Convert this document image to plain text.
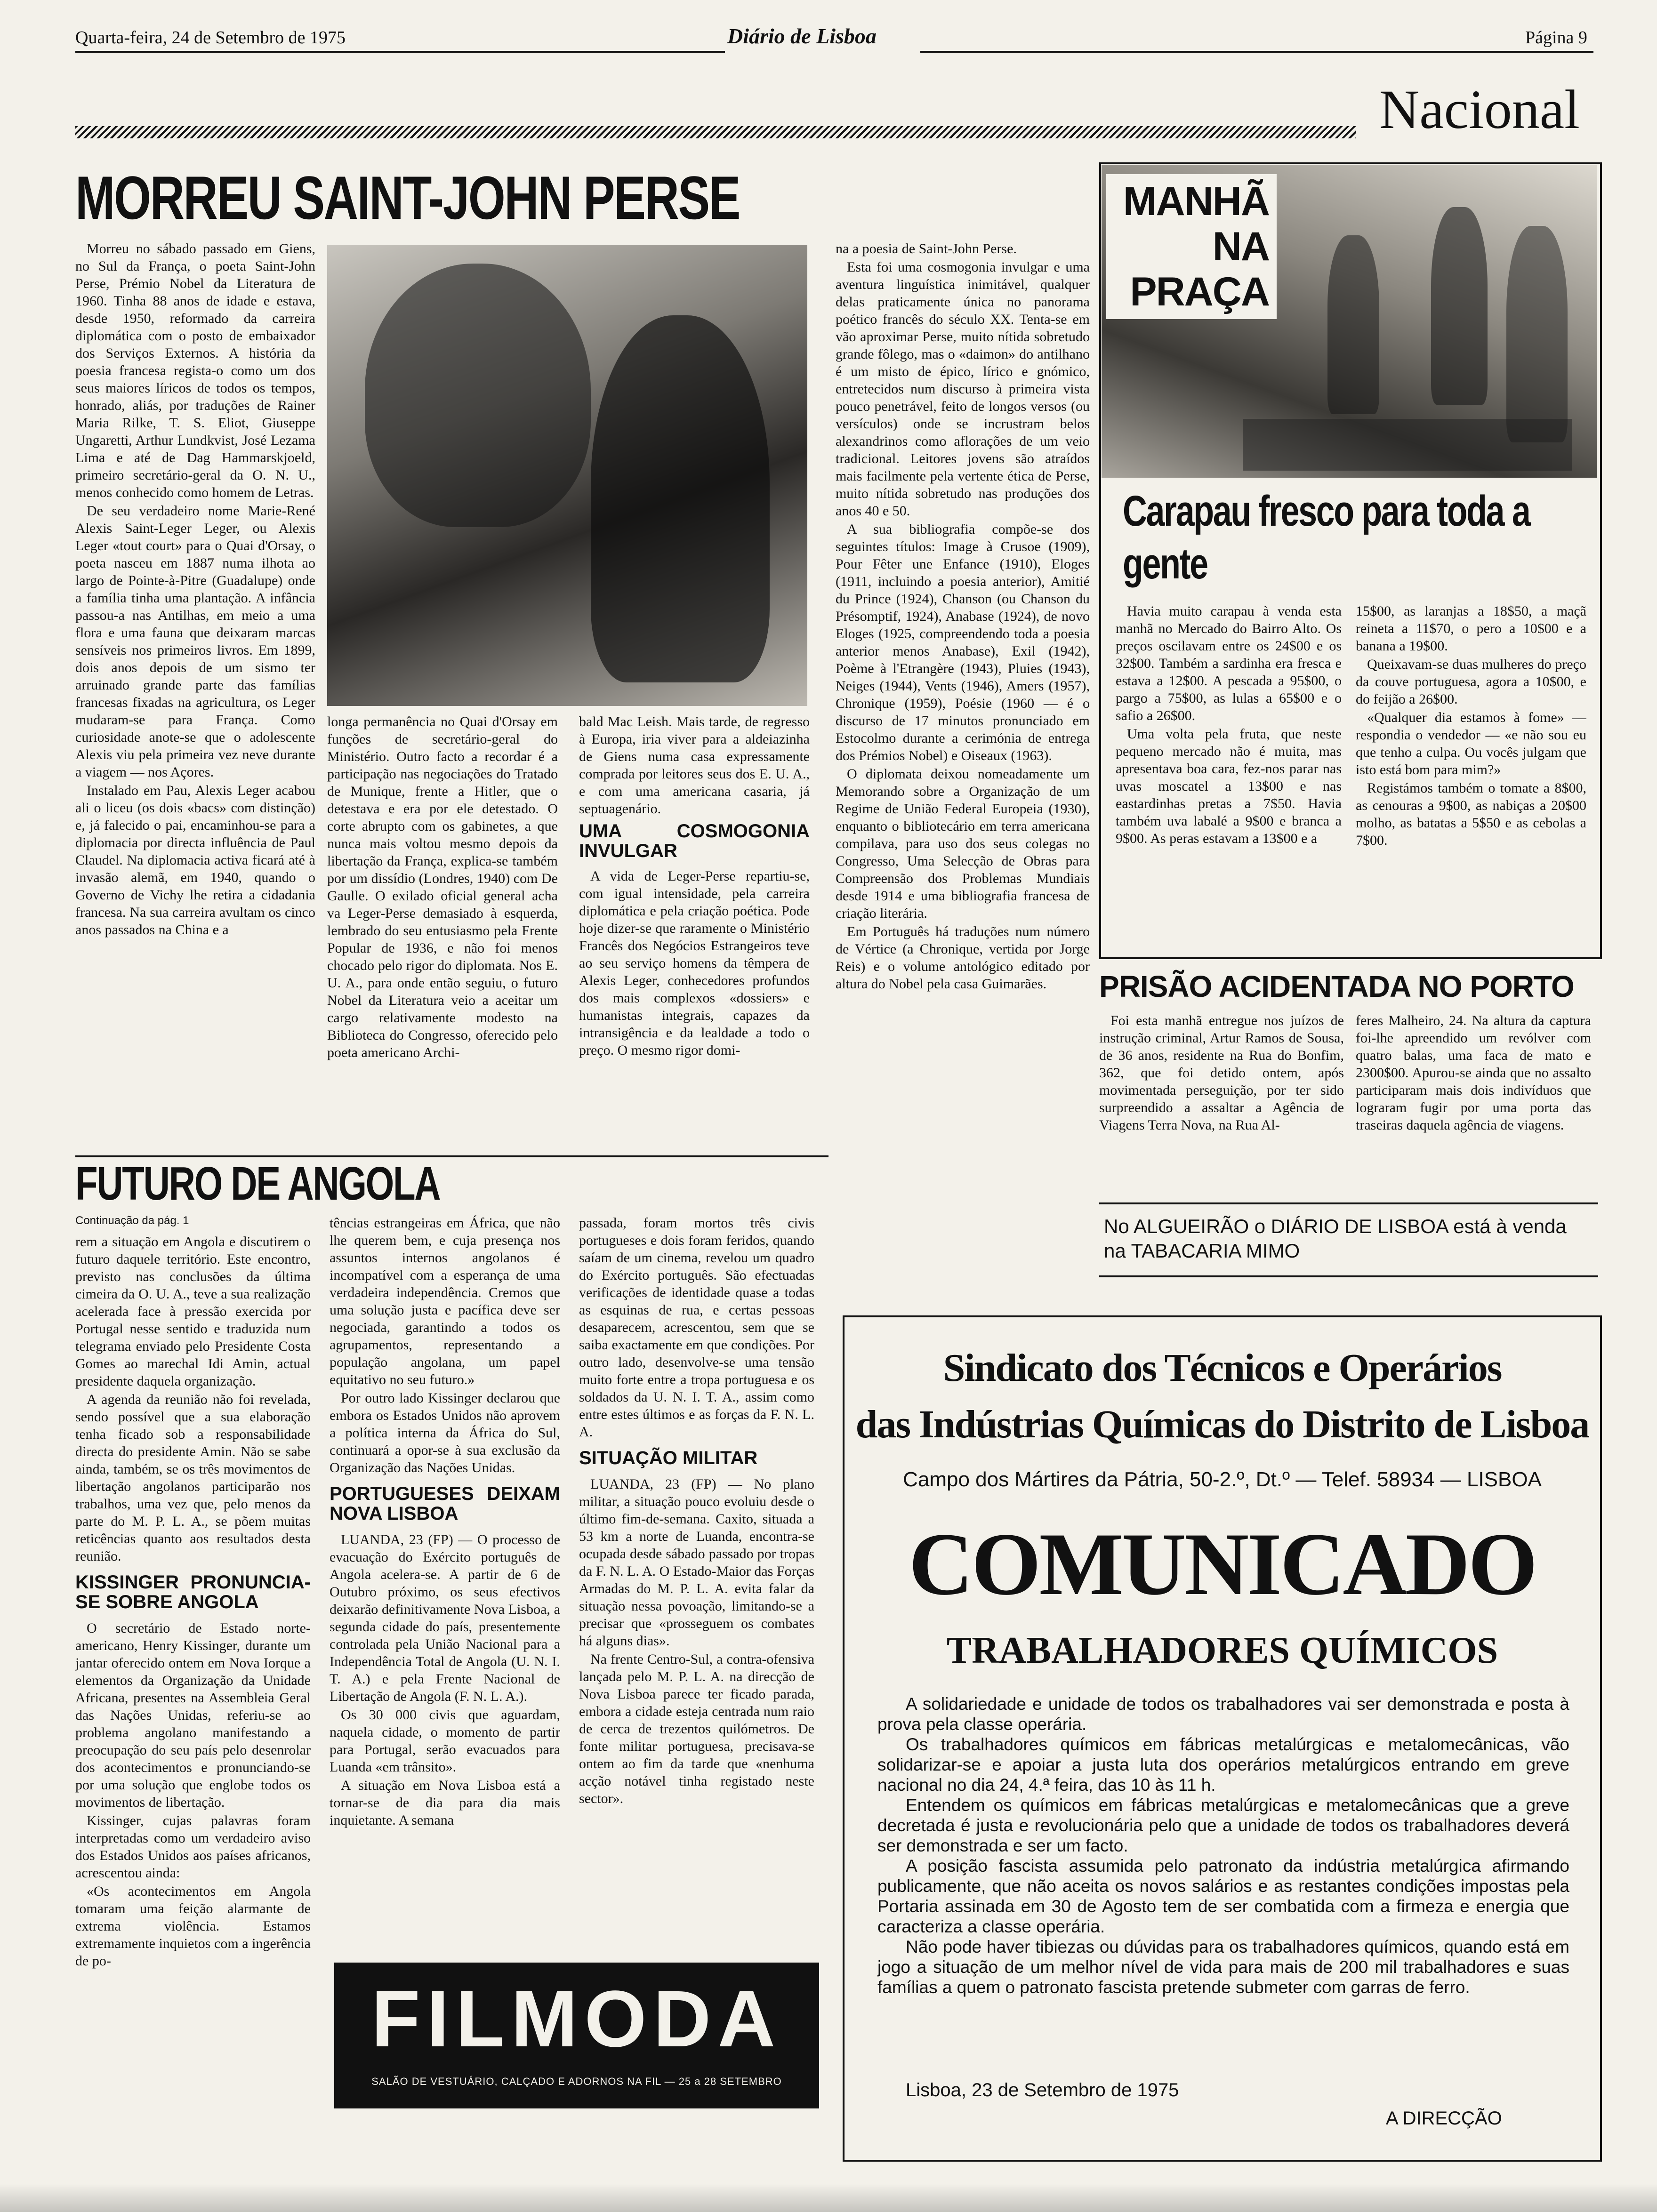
Quarta-feira, 24 de Setembro de 1975	Diário de Lisboa	Página 9
Nacional
MORREU SAINT-JOHN PERSE

Morreu no sábado passado em Giens, no Sul da França, o poeta Saint-John Perse, Prémio Nobel da Literatura de 1960. Tinha 88 anos de idade e estava, desde 1950, reformado da carreira diplomática com o posto de embaixador dos Serviços Externos. A história da poesia francesa regista-o como um dos seus maiores líricos de todos os tempos, honrado, aliás, por traduções de Rainer Maria Rilke, T. S. Eliot, Giuseppe Ungaretti, Arthur Lundkvist, José Lezama Lima e até de Dag Hammarskjoeld, primeiro secretário-geral da O. N. U., menos conhecido como homem de Letras.

De seu verdadeiro nome Marie-René Alexis Saint-Leger Leger, ou Alexis Leger «tout court» para o Quai d'Orsay, o poeta nasceu em 1887 numa ilhota ao largo de Pointe-à-Pitre (Guadalupe) onde a família tinha uma plantação. A infância passou-a nas Antilhas, em meio a uma flora e uma fauna que deixaram marcas sensíveis nos primeiros livros. Em 1899, dois anos depois de um sismo ter arruinado grande parte das famílias francesas fixadas na agricultura, os Leger mudaram-se para França. Como curiosidade anote-se que o adolescente Alexis viu pela primeira vez neve durante a viagem — nos Açores.

Instalado em Pau, Alexis Leger acabou ali o liceu (os dois «bacs» com distinção) e, já falecido o pai, encaminhou-se para a diplomacia por directa influência de Paul Claudel. Na diplomacia activa ficará até à invasão alemã, em 1940, quando o Governo de Vichy lhe retira a cidadania francesa. Na sua carreira avultam os cinco anos passados na China e a

longa permanência no Quai d'Orsay em funções de secretário-geral do Ministério. Outro facto a recordar é a participação nas negociações do Tratado de Munique, frente a Hitler, que o detestava e era por ele detestado. O corte abrupto com os gabinetes, a que nunca mais voltou mesmo depois da libertação da França, explica-se também por um dissídio (Londres, 1940) com De Gaulle. O exilado oficial general acha va Leger-Perse demasiado à esquerda, lembrado do seu entusiasmo pela Frente Popular de 1936, e não foi menos chocado pelo rigor do diplomata. Nos E. U. A., para onde então seguiu, o futuro Nobel da Literatura veio a aceitar um cargo relativamente modesto na Biblioteca do Congresso, oferecido pelo poeta americano Archi-

bald Mac Leish. Mais tarde, de regresso à Europa, iria viver para a aldeiazinha de Giens numa casa expressamente comprada por leitores seus dos E. U. A., e com uma americana casaria, já septuagenário.

UMA COSMOGONIA INVULGAR

A vida de Leger-Perse repartiu-se, com igual intensidade, pela carreira diplomática e pela criação poética. Pode hoje dizer-se que raramente o Ministério Francês dos Negócios Estrangeiros teve ao seu serviço homens da têmpera de Alexis Leger, conhecedores profundos dos mais complexos «dossiers» e humanistas integrais, capazes da intransigência e da lealdade a todo o preço. O mesmo rigor domi-

na a poesia de Saint-John Perse.

Esta foi uma cosmogonia invulgar e uma aventura linguística inimitável, qualquer delas praticamente única no panorama poético francês do século XX. Tenta-se em vão aproximar Perse, muito nítida sobretudo grande fôlego, mas o «daimon» do antilhano é um misto de épico, lírico e gnómico, entretecidos num discurso à primeira vista pouco penetrável, feito de longos versos (ou versículos) onde se incrustram belos alexandrinos como aflorações de um veio tradicional. Leitores jovens são atraídos mais facilmente pela vertente ética de Perse, muito nítida sobretudo nas produções dos anos 40 e 50.

A sua bibliografia compõe-se dos seguintes títulos: Image à Crusoe (1909), Pour Fêter une Enfance (1910), Eloges (1911, incluindo a poesia anterior), Amitié du Prince (1924), Chanson (ou Chanson du Présomptif, 1924), Anabase (1924), de novo Eloges (1925, compreendendo toda a poesia anterior menos Anabase), Exil (1942), Poème à l'Etrangère (1943), Pluies (1943), Neiges (1944), Vents (1946), Amers (1957), Chronique (1959), Poésie (1960 — é o discurso de 17 minutos pronunciado em Estocolmo durante a cerimónia de entrega dos Prémios Nobel) e Oiseaux (1963).

O diplomata deixou nomeadamente um Memorando sobre a Organização de um Regime de União Federal Europeia (1930), enquanto o bibliotecário em terra americana compilava, para uso dos seus colegas no Congresso, Uma Selecção de Obras para Compreensão dos Problemas Mundiais desde 1914 e uma bibliografia francesa de criação literária.

Em Português há traduções num número de Vértice (a Chronique, vertida por Jorge Reis) e o volume antológico editado por altura do Nobel pela casa Guimarães.

MANHÃ NA PRAÇA
Carapau fresco para toda a gente

Havia muito carapau à venda esta manhã no Mercado do Bairro Alto. Os preços oscilavam entre os 24$00 e os 32$00. Também a sardinha era fresca e estava a 12$00. A pescada a 95$00, o pargo a 75$00, as lulas a 65$00 e o safio a 26$00.

Uma volta pela fruta, que neste pequeno mercado não é muita, mas apresentava boa cara, fez-nos parar nas uvas moscatel a 13$00 e nas eastardinhas pretas a 7$50. Havia também uva labalé a 9$00 e branca a 9$00. As peras estavam a 13$00 e a

15$00, as laranjas a 18$50, a maçã reineta a 11$70, o pero a 10$00 e a banana a 19$00.

Queixavam-se duas mulheres do preço da couve portuguesa, agora a 10$00, e do feijão a 26$00.

«Qualquer dia estamos à fome» — respondia o vendedor — «e não sou eu que tenho a culpa. Ou vocês julgam que isto está bom para mim?»

Registámos também o tomate a 8$00, as cenouras a 9$00, as nabiças a 20$00 molho, as batatas a 5$50 e as cebolas a 7$00.

PRISÃO ACIDENTADA NO PORTO

Foi esta manhã entregue nos juízos de instrução criminal, Artur Ramos de Sousa, de 36 anos, residente na Rua do Bonfim, 362, que foi detido ontem, após movimentada perseguição, por ter sido surpreendido a assaltar a Agência de Viagens Terra Nova, na Rua Al-

feres Malheiro, 24. Na altura da captura foi-lhe apreendido um revólver com quatro balas, uma faca de mato e 2300$00. Apurou-se ainda que no assalto participaram mais dois indivíduos que lograram fugir por uma porta das traseiras daquela agência de viagens.

No ALGUEIRÃO o DIÁRIO DE LISBOA está à venda na TABACARIA MIMO
FUTURO DE ANGOLA
Continuação da pág. 1

rem a situação em Angola e discutirem o futuro daquele território. Este encontro, previsto nas conclusões da última cimeira da O. U. A., teve a sua realização acelerada face à pressão exercida por Portugal nesse sentido e traduzida num telegrama enviado pelo Presidente Costa Gomes ao marechal Idi Amin, actual presidente daquela organização.

A agenda da reunião não foi revelada, sendo possível que a sua elaboração tenha ficado sob a responsabilidade directa do presidente Amin. Não se sabe ainda, também, se os três movimentos de libertação angolanos participarão nos trabalhos, uma vez que, pelo menos da parte do M. P. L. A., se põem muitas reticências quanto aos resultados desta reunião.

KISSINGER PRONUNCIA-SE SOBRE ANGOLA

O secretário de Estado norte-americano, Henry Kissinger, durante um jantar oferecido ontem em Nova Iorque a elementos da Organização da Unidade Africana, presentes na Assembleia Geral das Nações Unidas, referiu-se ao problema angolano manifestando a preocupação do seu país pelo desenrolar dos acontecimentos e pronunciando-se por uma solução que englobe todos os movimentos de libertação.

Kissinger, cujas palavras foram interpretadas como um verdadeiro aviso dos Estados Unidos aos países africanos, acrescentou ainda:

«Os acontecimentos em Angola tomaram uma feição alarmante de extrema violência. Estamos extremamente inquietos com a ingerência de po-

tências estrangeiras em África, que não lhe querem bem, e cuja presença nos assuntos internos angolanos é incompatível com a esperança de uma verdadeira independência. Cremos que uma solução justa e pacífica deve ser negociada, garantindo a todos os agrupamentos, representando a população angolana, um papel equitativo no seu futuro.»

Por outro lado Kissinger declarou que embora os Estados Unidos não aprovem a política interna da África do Sul, continuará a opor-se à sua exclusão da Organização das Nações Unidas.

PORTUGUESES DEIXAM NOVA LISBOA

LUANDA, 23 (FP) — O processo de evacuação do Exército português de Angola acelera-se. A partir de 6 de Outubro próximo, os seus efectivos deixarão definitivamente Nova Lisboa, a segunda cidade do país, presentemente controlada pela União Nacional para a Independência Total de Angola (U. N. I. T. A.) e pela Frente Nacional de Libertação de Angola (F. N. L. A.).

Os 30 000 civis que aguardam, naquela cidade, o momento de partir para Portugal, serão evacuados para Luanda «em trânsito».

A situação em Nova Lisboa está a tornar-se de dia para dia mais inquietante. A semana

passada, foram mortos três civis portugueses e dois foram feridos, quando saíam de um cinema, revelou um quadro do Exército português. São efectuadas verificações de identidade quase a todas as esquinas de rua, e certas pessoas desaparecem, acrescentou, sem que se saiba exactamente em que condições. Por outro lado, desenvolve-se uma tensão muito forte entre a tropa portuguesa e os soldados da U. N. I. T. A., assim como entre estes últimos e as forças da F. N. L. A.

SITUAÇÃO MILITAR

LUANDA, 23 (FP) — No plano militar, a situação pouco evoluiu desde o último fim-de-semana. Caxito, situada a 53 km a norte de Luanda, encontra-se ocupada desde sábado passado por tropas da F. N. L. A. O Estado-Maior das Forças Armadas do M. P. L. A. evita falar da situação nessa povoação, limitando-se a precisar que «prosseguem os combates há alguns dias».

Na frente Centro-Sul, a contra-ofensiva lançada pelo M. P. L. A. na direcção de Nova Lisboa parece ter ficado parada, embora a cidade esteja centrada num raio de cerca de trezentos quilómetros. De fonte militar portuguesa, precisava-se ontem ao fim da tarde que «nenhuma acção notável tinha registado neste sector».

FILMODA
SALÃO DE VESTUÁRIO, CALÇADO E ADORNOS NA FIL — 25 a 28 SETEMBRO
Sindicato dos Técnicos e Operários
das Indústrias Químicas do Distrito de Lisboa
Campo dos Mártires da Pátria, 50-2.º, Dt.º — Telef. 58934 — LISBOA
COMUNICADO
TRABALHADORES QUÍMICOS

A solidariedade e unidade de todos os trabalhadores vai ser demonstrada e posta à prova pela classe operária.

Os trabalhadores químicos em fábricas metalúrgicas e metalomecânicas, vão solidarizar-se e apoiar a justa luta dos operários metalúrgicos entrando em greve nacional no dia 24, 4.ª feira, das 10 às 11 h.

Entendem os químicos em fábricas metalúrgicas e metalomecânicas que a greve decretada é justa e revolucionária pelo que a unidade de todos os trabalhadores deverá ser demonstrada e ser um facto.

A posição fascista assumida pelo patronato da indústria metalúrgica afirmando publicamente, que não aceita os novos salários e as restantes condições impostas pela Portaria assinada em 30 de Agosto tem de ser combatida com a firmeza e energia que caracteriza a classe operária.

Não pode haver tibiezas ou dúvidas para os trabalhadores químicos, quando está em jogo a situação de um melhor nível de vida para mais de 200 mil trabalhadores e suas famílias a quem o patronato fascista pretende submeter com garras de ferro.

Lisboa, 23 de Setembro de 1975
A DIRECÇÃO
